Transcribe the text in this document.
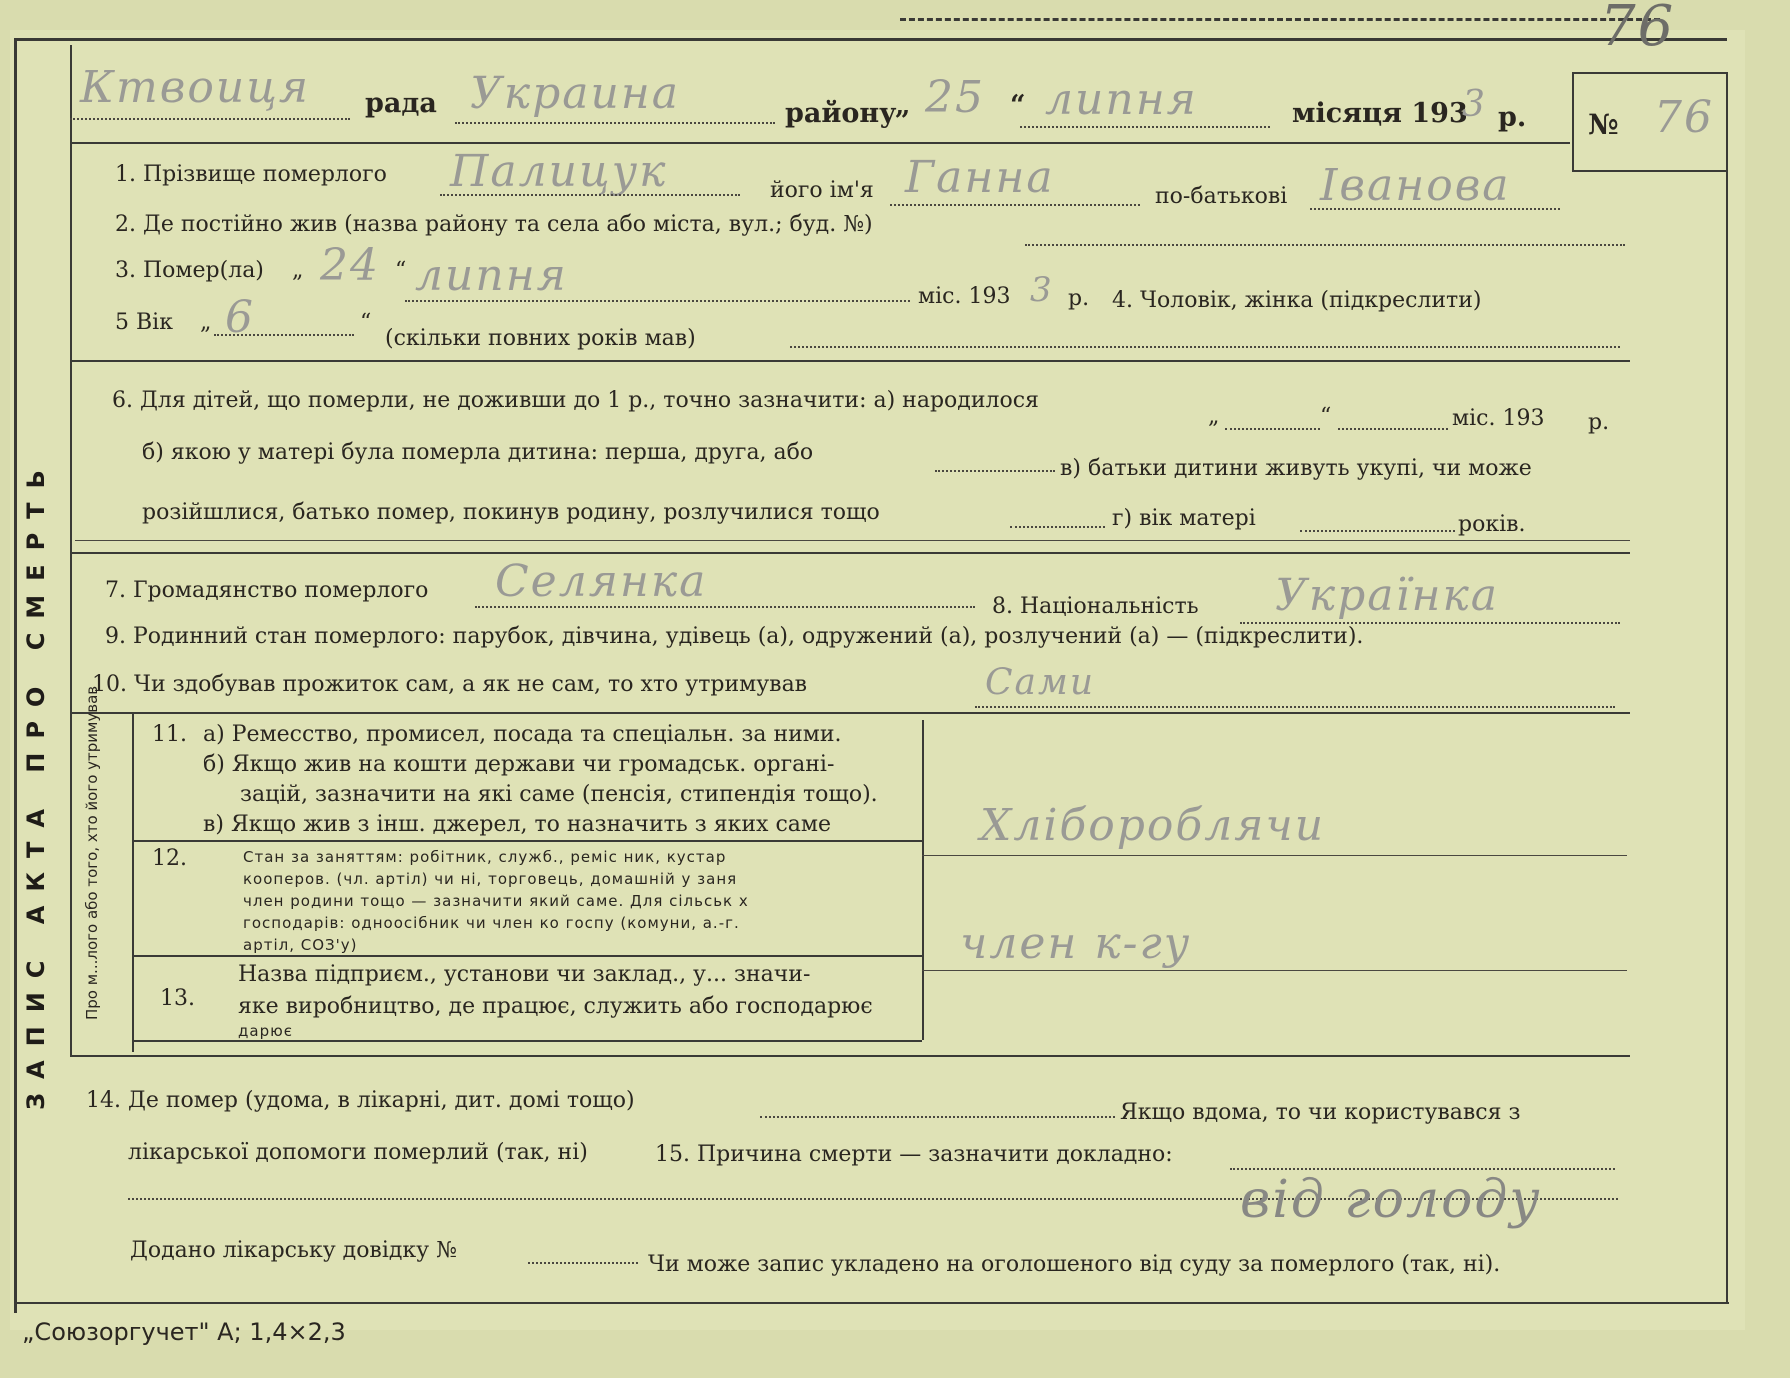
76
ЗАПИС АКТА ПРО СМЕРТЬ
Ктвоиця рада Украина	району
„ 25 “ липня	місяця 193
3 р. № 76
1. Прізвище померлого Палицук	його ім'я Ганна	по-батькові Іванова
2. Де постійно жив (назва району та села або міста, вул.; буд. №)
3. Помер(ла) „ 24 “ липня	міс. 193 3 р. 4. Чоловік, жінка (підкреслити)
5 Вік „ 6	“
(скільки повних років мав)
6. Для дітей, що померли, не доживши до 1 р., точно зазначити: а) народилося
„	“	міс. 193 р.
б) якою у матері була померла дитина: перша, друга, або
в) батьки дитини живуть укупі, чи може
розійшлися, батько помер, покинув родину, розлучилися тощо	г) вік матері	років.
7. Громадянство померлого Селянка	8. Національність Українка
9. Родинний стан померлого: парубок, дівчина, удівець (а), одружений (а), розлучений (а) — (підкреслити).
10. Чи здобував прожиток сам, а як не сам, то хто утримував	Сами
Про м...лого або того, хто його утримував 11. а) Ремесство, промисел, посада та спеціальн. за ними.
б) Якщо жив на кошти держави чи громадськ. органі-
зацій, зазначити на які саме (пенсія, стипендія тощо).
в) Якщо жив з інш. джерел, то назначить з яких саме	Хлібороблячи
12.	Стан за заняттям: робітник, служб., реміс ник, кустар
кооперов. (чл. артіл) чи ні, торговець, домашній у заня
член родини тощо — зазначити який саме. Для сільськ х
господарів: одноосібник чи член ко госпу (комуни, а.-г.
артіл, СОЗ'у)	член к-гу
13.
Назва підприєм., установи чи заклад., у... значи-
яке виробництво, де працює, служить або господарює
дарює
14. Де помер (удома, в лікарні, дит. домі тощо)	Якщо вдома, то чи користувався з
лікарської допомоги померлий (так, ні)	15. Причина смерти — зазначити докладно:
від голоду
Додано лікарську довідку №
Чи може запис укладено на оголошеного від суду за померлого (так, ні).
„Союзоргучет" А; 1,4×2,3
